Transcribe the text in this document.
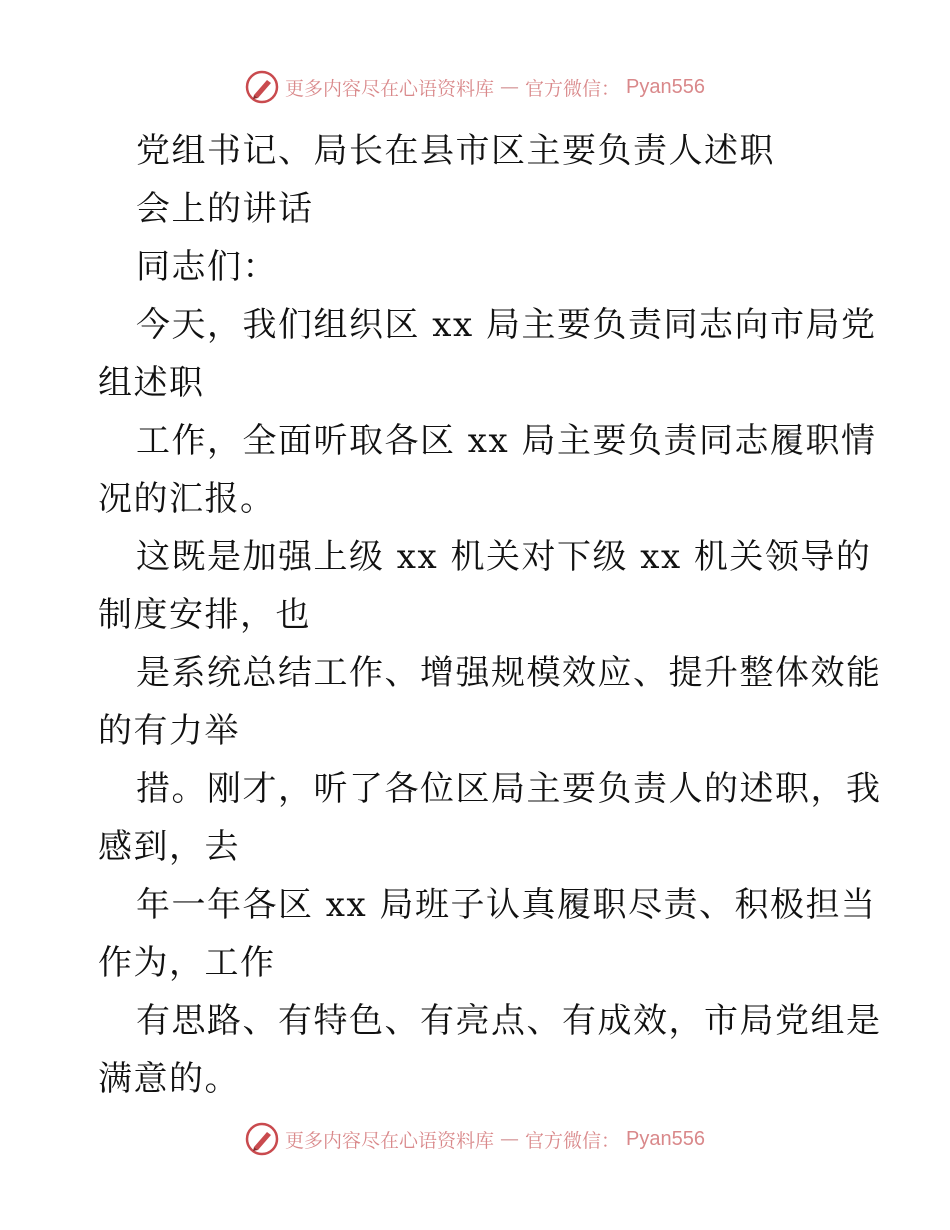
更多内容尽在心语资料库 — 官方微信： Pyan556
党组书记、局长在县市区主要负责人述职
会上的讲话
同志们：
今天，我们组织区 xx 局主要负责同志向市局党
组述职
工作，全面听取各区 xx 局主要负责同志履职情
况的汇报。
这既是加强上级 xx 机关对下级 xx 机关领导的
制度安排，也
是系统总结工作、增强规模效应、提升整体效能
的有力举
措。刚才，听了各位区局主要负责人的述职，我
感到，去
年一年各区 xx 局班子认真履职尽责、积极担当
作为，工作
有思路、有特色、有亮点、有成效，市局党组是
满意的。
更多内容尽在心语资料库 — 官方微信： Pyan556
